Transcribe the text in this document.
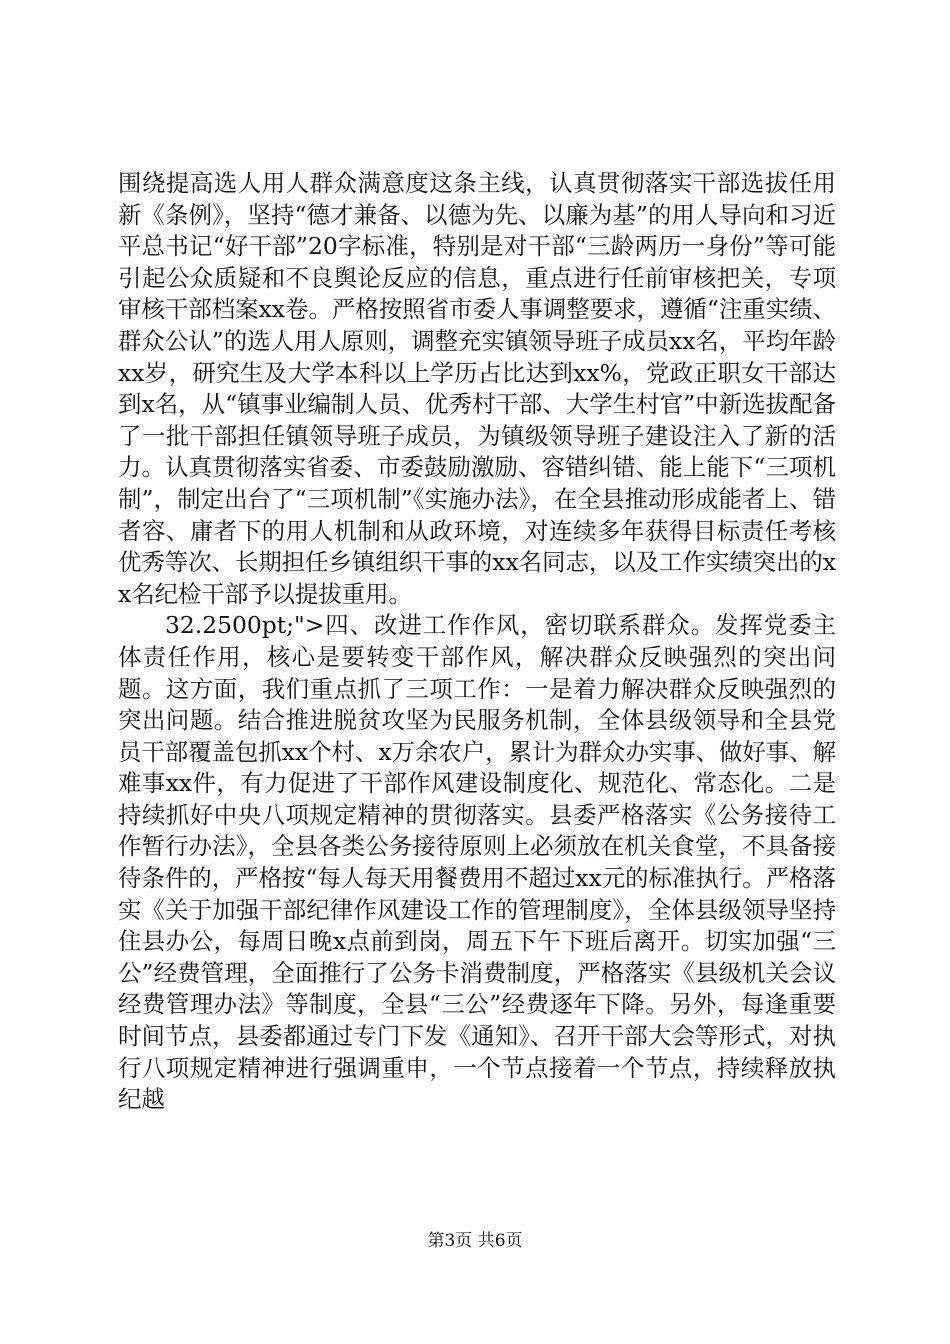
围绕提高选人用人群众满意度这条主线，认真贯彻落实干部选拔任用新《条例》，坚持“德才兼备、以德为先、以廉为基”的用人导向和习近平总书记“好干部”20字标准，特别是对干部“三龄两历一身份”等可能引起公众质疑和不良舆论反应的信息，重点进行任前审核把关，专项审核干部档案xx卷。严格按照省市委人事调整要求，遵循“注重实绩、群众公认”的选人用人原则，调整充实镇领导班子成员xx名，平均年龄xx岁，研究生及大学本科以上学历占比达到xx%，党政正职女干部达到x名，从“镇事业编制人员、优秀村干部、大学生村官”中新选拔配备了一批干部担任镇领导班子成员，为镇级领导班子建设注入了新的活力。认真贯彻落实省委、市委鼓励激励、容错纠错、能上能下“三项机制”，制定出台了“三项机制”《实施办法》，在全县推动形成能者上、错者容、庸者下的用人机制和从政环境，对连续多年获得目标责任考核优秀等次、长期担任乡镇组织干事的xx名同志，以及工作实绩突出的xx名纪检干部予以提拔重用。

32.2500pt;">四、改进工作作风，密切联系群众。发挥党委主体责任作用，核心是要转变干部作风，解决群众反映强烈的突出问题。这方面，我们重点抓了三项工作：一是着力解决群众反映强烈的突出问题。结合推进脱贫攻坚为民服务机制，全体县级领导和全县党员干部覆盖包抓xx个村、x万余农户，累计为群众办实事、做好事、解难事xx件，有力促进了干部作风建设制度化、规范化、常态化。二是持续抓好中央八项规定精神的贯彻落实。县委严格落实《公务接待工作暂行办法》，全县各类公务接待原则上必须放在机关食堂，不具备接待条件的，严格按“每人每天用餐费用不超过xx元的标准执行。严格落实《关于加强干部纪律作风建设工作的管理制度》，全体县级领导坚持住县办公，每周日晚x点前到岗，周五下午下班后离开。切实加强“三公”经费管理，全面推行了公务卡消费制度，严格落实《县级机关会议经费管理办法》等制度，全县“三公”经费逐年下降。另外，每逢重要时间节点，县委都通过专门下发《通知》、召开干部大会等形式，对执行八项规定精神进行强调重申，一个节点接着一个节点，持续释放执纪越

第3页 共6页
